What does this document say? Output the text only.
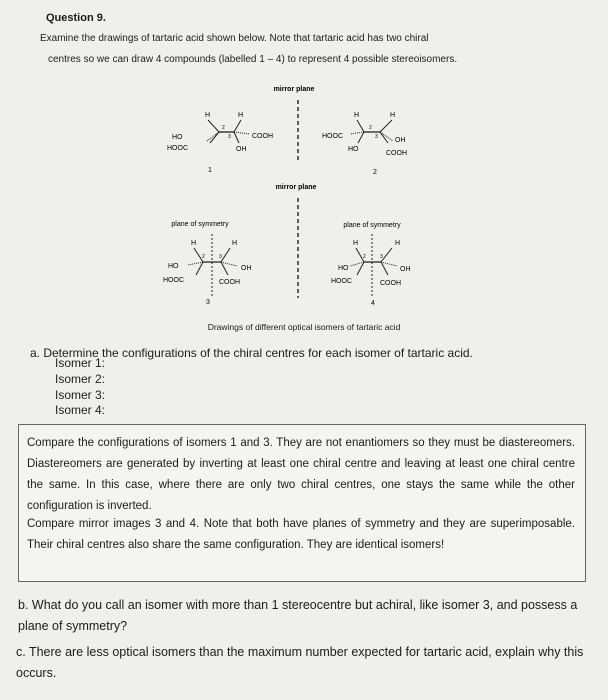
Question 9.
Examine the drawings of tartaric acid shown below. Note that tartaric acid has two chiral
centres so we can draw 4 compounds (labelled 1 – 4) to represent 4 possible stereoisomers.
mirror plane
H	H
2
3
HO
HOOC
COOH
OH
1
H	H
2
3
HOOC
HO
OH
COOH
2
mirror plane
plane of symmetry
H	H
2	3
HO
HOOC
OH
COOH
3
plane of symmetry
H	H
2	3
HO
HOOC
OH
COOH
4
Drawings of different optical isomers of tartaric acid
a. Determine the configurations of the chiral centres for each isomer of tartaric acid.
Isomer 1:
Isomer 2:
Isomer 3:
Isomer 4:

Compare the configurations of isomers 1 and 3. They are not enantiomers so they must be diastereomers. Diastereomers are generated by inverting at least one chiral centre and leaving at least one chiral centre the same. In this case, where there are only two chiral centres, one stays the same while the other configuration is inverted.

Compare mirror images 3 and 4. Note that both have planes of symmetry and they are superimposable. Their chiral centres also share the same configuration. They are identical isomers!

b. What do you call an isomer with more than 1 stereocentre but achiral, like isomer 3, and possess a plane of symmetry?
c. There are less optical isomers than the maximum number expected for tartaric acid, explain why this occurs.
